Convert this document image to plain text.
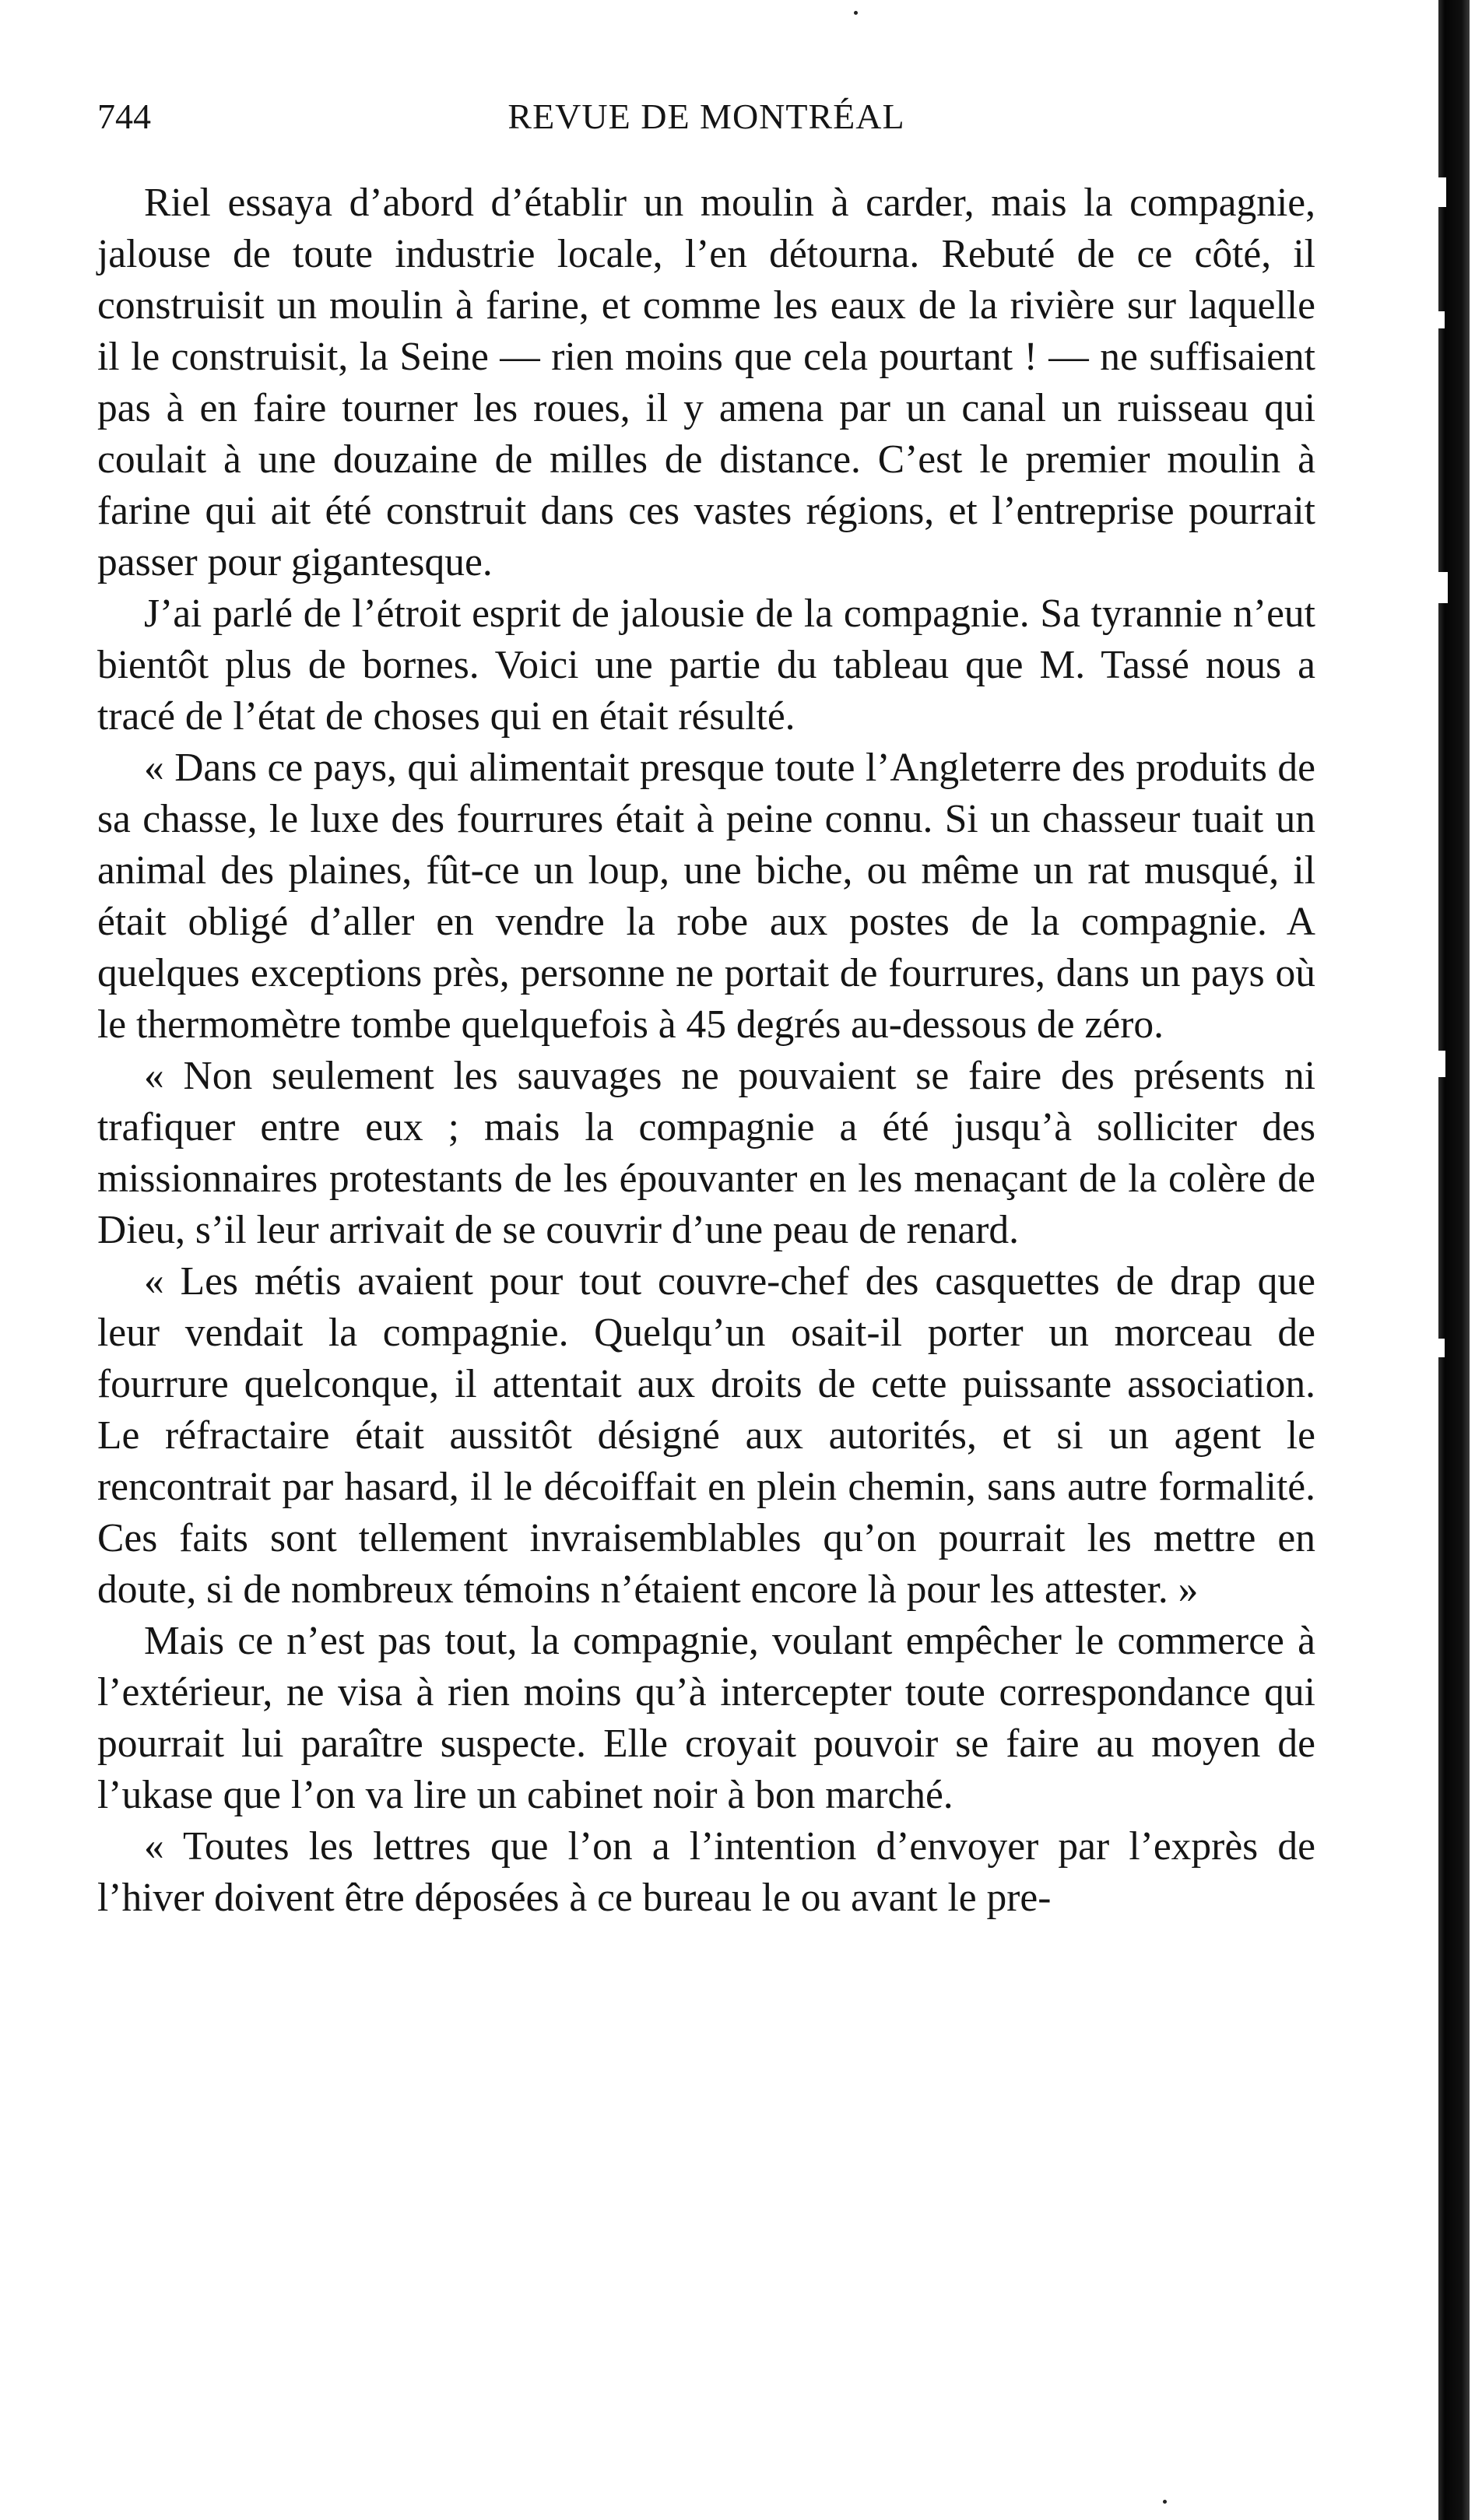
744	REVUE DE MONTRÉAL

Riel essaya d’abord d’établir un moulin à carder, mais la compagnie, jalouse de toute industrie locale, l’en détourna. Rebuté de ce côté, il construisit un moulin à farine, et comme les eaux de la rivière sur laquelle il le construisit, la Seine — rien moins que cela pourtant ! — ne suffisaient pas à en faire tourner les roues, il y amena par un canal un ruisseau qui coulait à une douzaine de milles de distance. C’est le premier moulin à farine qui ait été construit dans ces vastes régions, et l’entreprise pourrait passer pour gigantesque.

J’ai parlé de l’étroit esprit de jalousie de la compagnie. Sa tyrannie n’eut bientôt plus de bornes. Voici une partie du tableau que M. Tassé nous a tracé de l’état de choses qui en était résulté.

« Dans ce pays, qui alimentait presque toute l’Angleterre des produits de sa chasse, le luxe des fourrures était à peine connu. Si un chasseur tuait un animal des plaines, fût-ce un loup, une biche, ou même un rat musqué, il était obligé d’aller en vendre la robe aux postes de la compagnie. A quelques exceptions près, personne ne portait de fourrures, dans un pays où le thermomètre tombe quelquefois à 45 degrés au-dessous de zéro.

« Non seulement les sauvages ne pouvaient se faire des présents ni trafiquer entre eux ; mais la compagnie a été jusqu’à solliciter des missionnaires protestants de les épouvanter en les menaçant de la colère de Dieu, s’il leur arrivait de se couvrir d’une peau de renard.

« Les métis avaient pour tout couvre-chef des casquettes de drap que leur vendait la compagnie. Quelqu’un osait-il porter un morceau de fourrure quelconque, il attentait aux droits de cette puissante association. Le réfractaire était aussitôt désigné aux autorités, et si un agent le rencontrait par hasard, il le décoiffait en plein chemin, sans autre formalité. Ces faits sont tellement invraisemblables qu’on pourrait les mettre en doute, si de nombreux témoins n’étaient encore là pour les attester. »

Mais ce n’est pas tout, la compagnie, voulant empêcher le commerce à l’extérieur, ne visa à rien moins qu’à intercepter toute correspondance qui pourrait lui paraître suspecte. Elle croyait pouvoir se faire au moyen de l’ukase que l’on va lire un cabinet noir à bon marché.

« Toutes les lettres que l’on a l’intention d’envoyer par l’exprès de l’hiver doivent être déposées à ce bureau le ou avant le pre-
